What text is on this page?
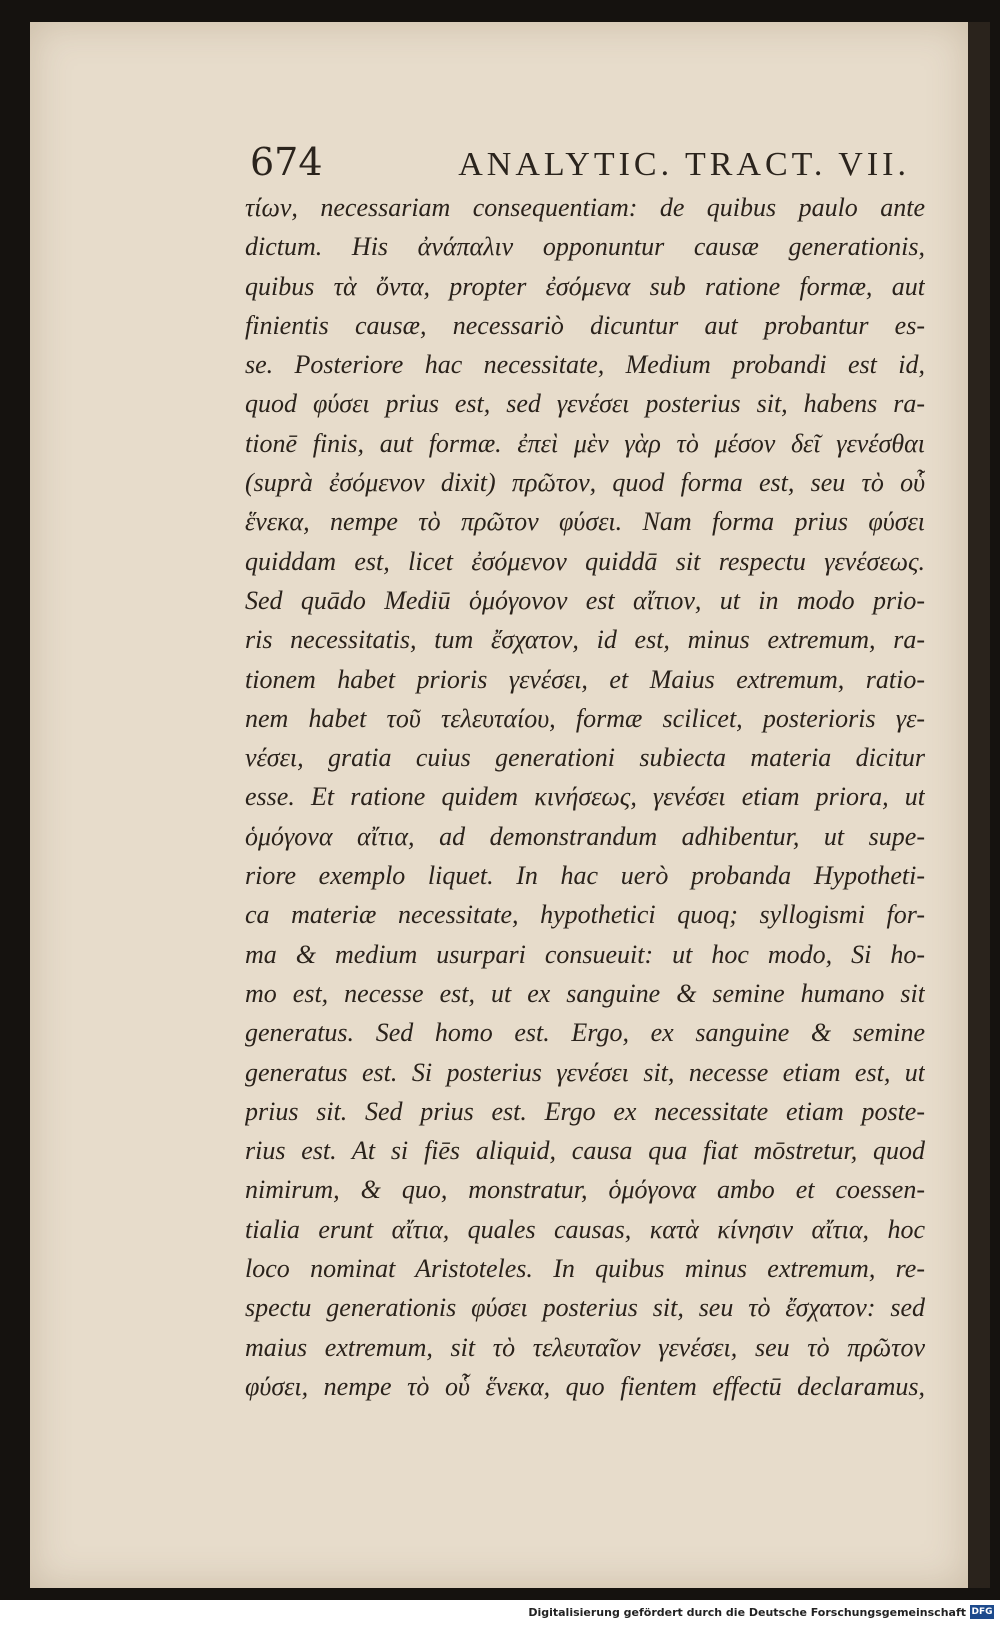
674	ANALYTIC. TRACT. VII.
τίων, necessariam consequentiam: de quibus paulo ante
dictum. His ἀνάπαλιν opponuntur causæ generationis,
quibus τὰ ὄντα, propter ἐσόμενα sub ratione formæ, aut
finientis causæ, necessariò dicuntur aut probantur es-
se. Posteriore hac necessitate, Medium probandi est id,
quod φύσει prius est, sed γενέσει posterius sit, habens ra-
tionē finis, aut formæ. ἐπεὶ μὲν γὰρ τὸ μέσον δεῖ γενέσθαι
(suprà ἐσόμενον dixit) πρῶτον, quod forma est, seu τὸ οὗ
ἕνεκα, nempe τὸ πρῶτον φύσει. Nam forma prius φύσει
quiddam est, licet ἐσόμενον quiddā sit respectu γενέσεως.
Sed quādo Mediū ὁμόγονον est αἴτιον, ut in modo prio-
ris necessitatis, tum ἔσχατον, id est, minus extremum, ra-
tionem habet prioris γενέσει, et Maius extremum, ratio-
nem habet τοῦ τελευταίου, formæ scilicet, posterioris γε-
νέσει, gratia cuius generationi subiecta materia dicitur
esse. Et ratione quidem κινήσεως, γενέσει etiam priora, ut
ὁμόγονα αἴτια, ad demonstrandum adhibentur, ut supe-
riore exemplo liquet. In hac uerò probanda Hypotheti-
ca materiæ necessitate, hypothetici quoq; syllogismi for-
ma & medium usurpari consueuit: ut hoc modo, Si ho-
mo est, necesse est, ut ex sanguine & semine humano sit
generatus. Sed homo est. Ergo, ex sanguine & semine
generatus est. Si posterius γενέσει sit, necesse etiam est, ut
prius sit. Sed prius est. Ergo ex necessitate etiam poste-
rius est. At si fiēs aliquid, causa qua fiat mōstretur, quod
nimirum, & quo, monstratur, ὁμόγονα ambo et coessen-
tialia erunt αἴτια, quales causas, κατὰ κίνησιν αἴτια, hoc
loco nominat Aristoteles. In quibus minus extremum, re-
spectu generationis φύσει posterius sit, seu τὸ ἔσχατον: sed
maius extremum, sit τὸ τελευταῖον γενέσει, seu τὸ πρῶτον
φύσει, nempe τὸ οὗ ἕνεκα, quo fientem effectū declaramus,
Digitalisierung gefördert durch die Deutsche Forschungsgemeinschaft DFG
